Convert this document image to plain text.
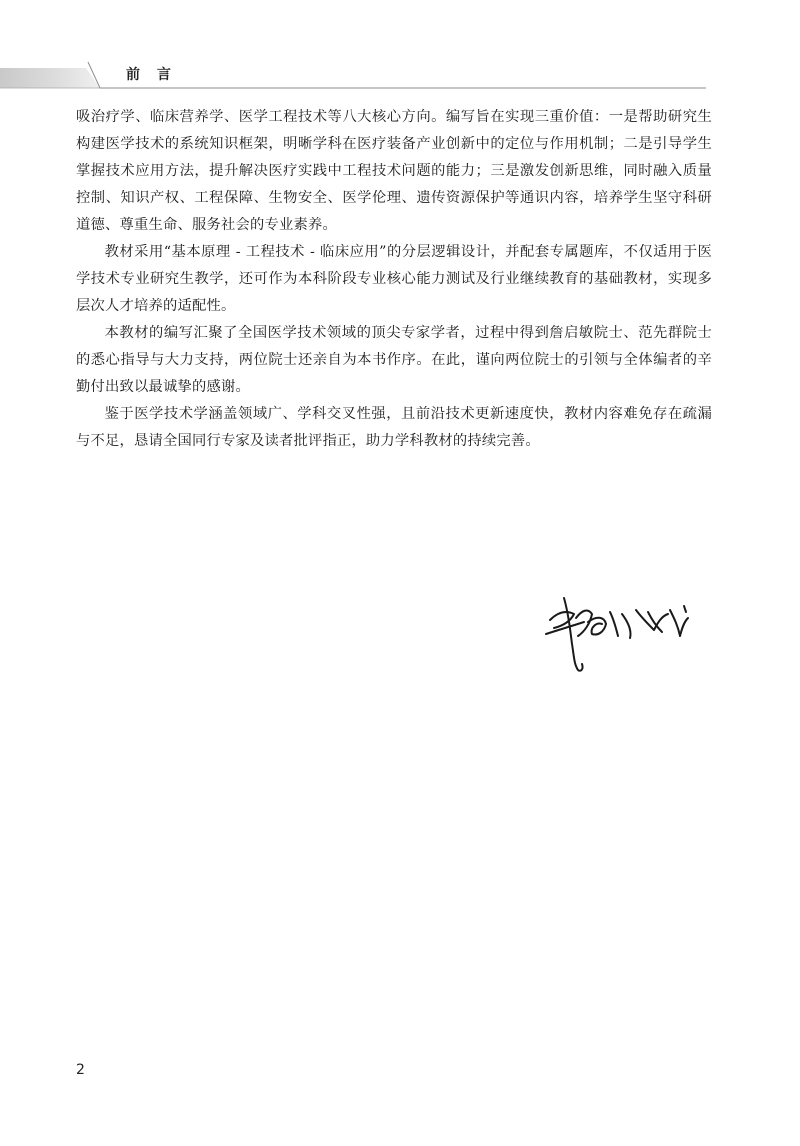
前 言

吸治疗学、临床营养学、医学工程技术等八大核心方向。编写旨在实现三重价值：一是帮助研究生构建医学技术的系统知识框架，明晰学科在医疗装备产业创新中的定位与作用机制；二是引导学生掌握技术应用方法，提升解决医疗实践中工程技术问题的能力；三是激发创新思维，同时融入质量控制、知识产权、工程保障、生物安全、医学伦理、遗传资源保护等通识内容，培养学生坚守科研道德、尊重生命、服务社会的专业素养。

教材采用“基本原理 - 工程技术 - 临床应用”的分层逻辑设计，并配套专属题库，不仅适用于医学技术专业研究生教学，还可作为本科阶段专业核心能力测试及行业继续教育的基础教材，实现多层次人才培养的适配性。

本教材的编写汇聚了全国医学技术领域的顶尖专家学者，过程中得到詹启敏院士、范先群院士的悉心指导与大力支持，两位院士还亲自为本书作序。在此，谨向两位院士的引领与全体编者的辛勤付出致以最诚挚的感谢。

鉴于医学技术学涵盖领域广、学科交叉性强，且前沿技术更新速度快，教材内容难免存在疏漏与不足，恳请全国同行专家及读者批评指正，助力学科教材的持续完善。

2
